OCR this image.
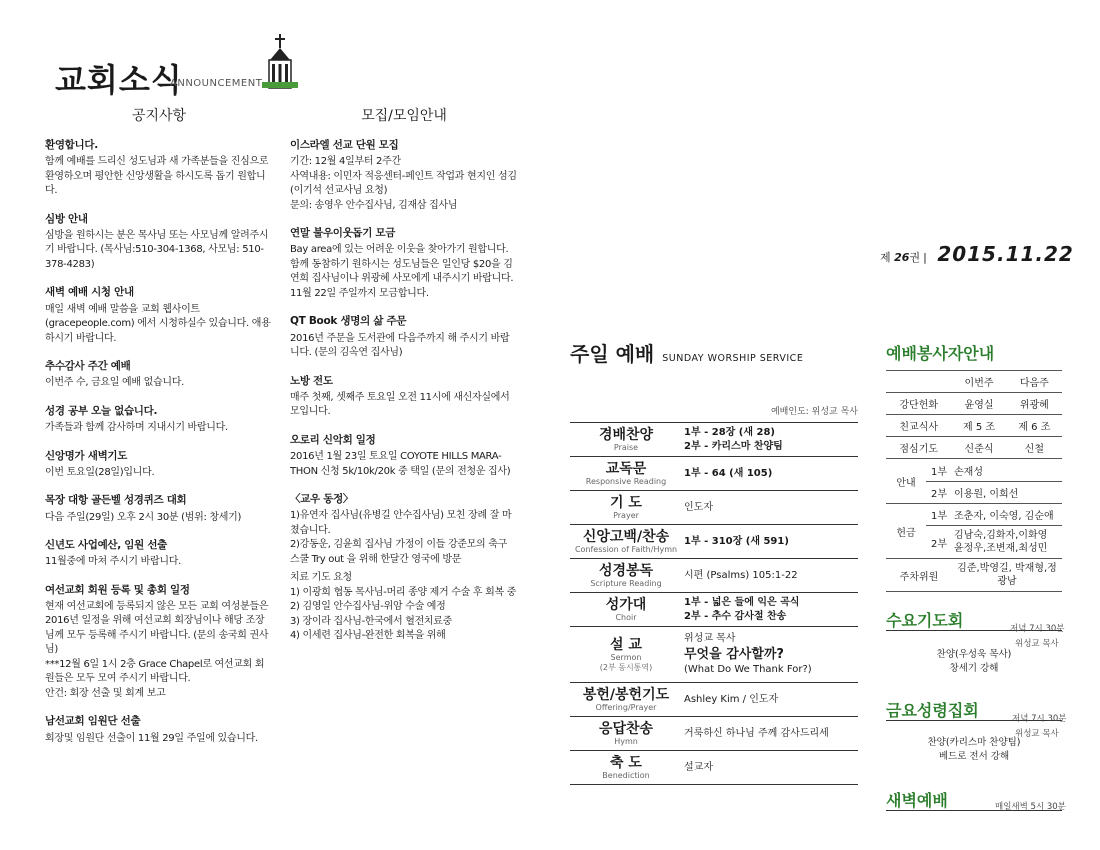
교회소식
ANNOUNCEMENT
공지사항	모집/모임안내
환영합니다.

함께 예배를 드리신 성도님과 새 가족분들을 진심으로 환영하오며 평안한 신앙생활을 하시도록 돕기 원합니다.

심방 안내

심방을 원하시는 분은 목사님 또는 사모님께 알려주시기 바랍니다. (목사님:510-304-1368, 사모님: 510-378-4283)

새벽 예배 시청 안내

매일 새벽 예배 말씀을 교회 웹사이트 (gracepeople.com) 에서 시청하실수 있습니다. 애용하시기 바랍니다.

추수감사 주간 예배

이번주 수, 금요일 예배 없습니다.

성경 공부 오늘 없습니다.

가족들과 함께 감사하며 지내시기 바랍니다.

신앙명가 새벽기도

이번 토요일(28일)입니다.

목장 대항 골든벨 성경퀴즈 대회

다음 주일(29일) 오후 2시 30분 (범위: 창세기)

신년도 사업예산, 임원 선출

11월중에 마쳐 주시기 바랍니다.

여선교회 회원 등록 및 총회 일정

현재 여선교회에 등록되지 않은 모든 교회 여성분들은 2016년 일정을 위해 여선교회 회장님이나 해당 조장님께 모두 등록해 주시기 바랍니다. (문의 송국희 권사님)

***12월 6일 1시 2층 Grace Chapel로 여선교회 회원들은 모두 모여 주시기 바랍니다.

안건: 회장 선출 및 회계 보고

남선교회 임원단 선출

회장및 임원단 선출이 11월 29일 주일에 있습니다.

이스라엘 선교 단원 모집

기간: 12월 4일부터 2주간

사역내용: 이민자 적응센터-페인트 작업과 현지인 섬김 (이기석 선교사님 요청)

문의: 송영우 안수집사님, 김재삼 집사님

연말 불우이웃돕기 모금

Bay area에 있는 어려운 이웃을 찾아가기 원합니다. 함께 동참하기 원하시는 성도님들은 일인당 $20을 김연희 집사님이나 위광혜 사모에게 내주시기 바랍니다. 11월 22일 주일까지 모금합니다.

QT Book 생명의 삶 주문

2016년 주문을 도서관에 다음주까지 해 주시기 바랍니다. (문의 김옥연 집사님)

노방 전도

매주 첫째, 셋째주 토요일 오전 11시에 새신자실에서 모입니다.

오로리 신악회 일정

2016년 1월 23일 토요일 COYOTE HILLS MARA-THON 신청 5k/10k/20k 중 택일 (문의 전청운 집사)

〈교우 동정〉

1)유연자 집사님(유병길 안수집사님) 모친 장례 잘 마쳤습니다.

2)강동운, 김윤희 집사님 가정이 이들 강준모의 축구 스쿨 Try out 을 위해 한달간 영국에 방문

치료 기도 요청

1) 이광희 협동 목사님-머리 종양 제거 수술 후 회복 중

2) 김영일 안수집사님-위암 수술 예정

3) 장이라 집사님-한국에서 혈전치료중

4) 이세련 집사님-완전한 회복을 위해

제 26권 | 2015.11.22
주일 예배 SUNDAY WORSHIP SERVICE
예배인도: 위성교 목사
경배찬양
Praise	1부 - 28장 (새 28)
2부 - 카리스마 찬양팀

교독문
Responsive Reading	1부 - 64 (새 105)

기 도
Prayer	인도자

신앙고백/찬송
Confession of Faith/Hymn	1부 - 310장 (새 591)

성경봉독
Scripture Reading	시편 (Psalms) 105:1-22

성가대
Choir	1부 - 넓은 들에 익은 곡식
2부 - 추수 감사절 찬송

설 교
Sermon
(2부 동시통역)	위성교 목사
무엇을 감사할까?
(What Do We Thank For?)

봉헌/봉헌기도
Offering/Prayer	Ashley Kim / 인도자

응답찬송
Hymn	거룩하신 하나님 주께 감사드리세

축 도
Benediction	설교자
예배봉사자안내
	이번주	다음주
강단헌화	윤영실	위광혜
친교식사	제 5 조	제 6 조
점심기도	신준식	신철
안내	1부	손재성
	2부	이용원, 이희선
헌금	1부	조춘자, 이숙영, 김순애
	2부	김남숙,김화자,이화영 윤정우,조변재,최성민
주차위원		김준,박영길, 박재형,정광남
수요기도회	저녁 7시 30분
위성교 목사
찬양(우성욱 목사)
창세기 강해
금요성령집회	저녁 7시 30분
위성교 목사
찬양(카리스마 찬양팀)
베드로 전서 강해
새벽예배	매일새벽 5시 30분
